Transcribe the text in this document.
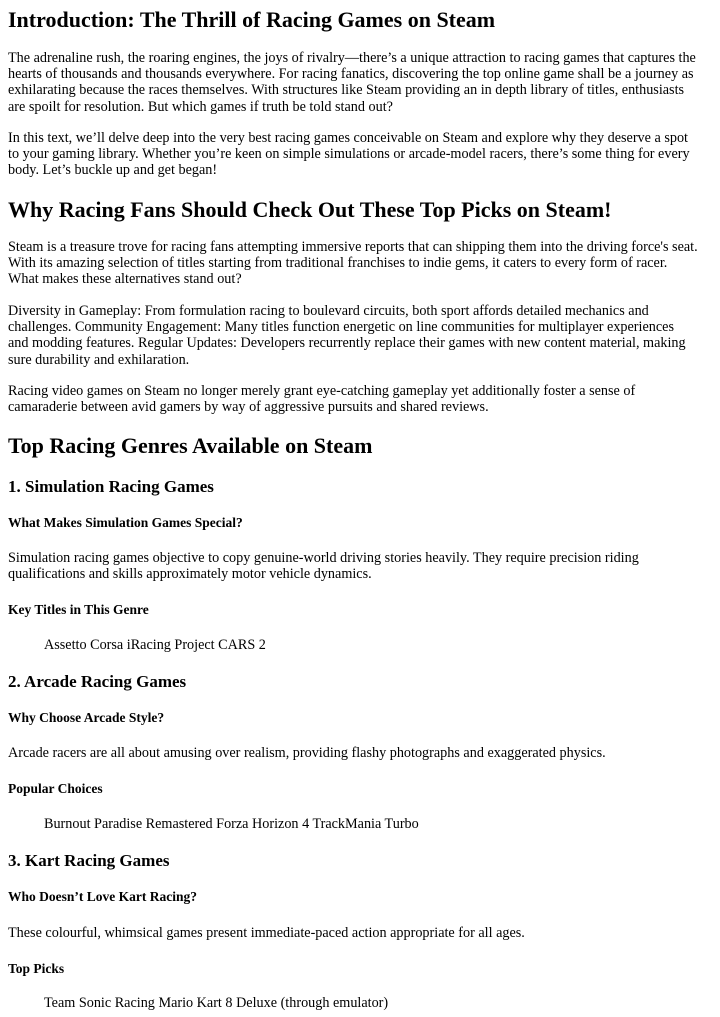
Introduction: The Thrill of Racing Games on Steam

The adrenaline rush, the roaring engines, the joys of rivalry—there’s a unique attraction to racing games that captures the
hearts of thousands and thousands everywhere. For racing fanatics, discovering the top online game shall be a journey as
exhilarating because the races themselves. With structures like Steam providing an in depth library of titles, enthusiasts
are spoilt for resolution. But which games if truth be told stand out?

In this text, we’ll delve deep into the very best racing games conceivable on Steam and explore why they deserve a spot
to your gaming library. Whether you’re keen on simple simulations or arcade-model racers, there’s some thing for every
body. Let’s buckle up and get began!

Why Racing Fans Should Check Out These Top Picks on Steam!

Steam is a treasure trove for racing fans attempting immersive reports that can shipping them into the driving force's seat.
With its amazing selection of titles starting from traditional franchises to indie gems, it caters to every form of racer.
What makes these alternatives stand out?

Diversity in Gameplay: From formulation racing to boulevard circuits, both sport affords detailed mechanics and
challenges. Community Engagement: Many titles function energetic on line communities for multiplayer experiences
and modding features. Regular Updates: Developers recurrently replace their games with new content material, making
sure durability and exhilaration.

Racing video games on Steam no longer merely grant eye-catching gameplay yet additionally foster a sense of
camaraderie between avid gamers by way of aggressive pursuits and shared reviews.

Top Racing Genres Available on Steam
1. Simulation Racing Games
What Makes Simulation Games Special?

Simulation racing games objective to copy genuine-world driving stories heavily. They require precision riding
qualifications and skills approximately motor vehicle dynamics.

Key Titles in This Genre

Assetto Corsa iRacing Project CARS 2

2. Arcade Racing Games
Why Choose Arcade Style?

Arcade racers are all about amusing over realism, providing flashy photographs and exaggerated physics.

Popular Choices

Burnout Paradise Remastered Forza Horizon 4 TrackMania Turbo

3. Kart Racing Games
Who Doesn’t Love Kart Racing?

These colourful, whimsical games present immediate-paced action appropriate for all ages.

Top Picks

Team Sonic Racing Mario Kart 8 Deluxe (through emulator)
